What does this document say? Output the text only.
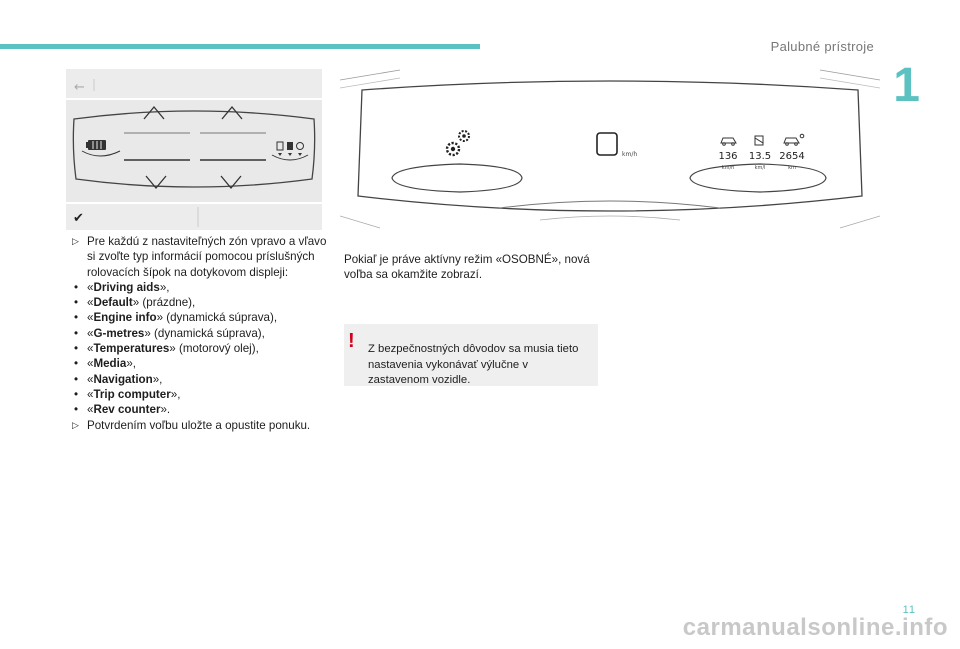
Palubné prístroje
1
←
✔
km/h	136 13.5 2654
km/h	km/l	km

▷ Pre každú z nastaviteľných zón vpravo a vľavo si zvoľte typ informácií pomocou príslušných rolovacích šípok na dotykovom displeji:

• «Driving aids»,
• «Default» (prázdne),
• «Engine info» (dynamická súprava),
• «G-metres» (dynamická súprava),
• «Temperatures» (motorový olej),
• «Media»,
• «Navigation»,
• «Trip computer»,
• «Rev counter».

▷ Potvrdením voľbu uložte a opustite ponuku.

Pokiaľ je práve aktívny režim «OSOBNÉ», nová voľba sa okamžite zobrazí.

! Z bezpečnostných dôvodov sa musia tieto nastavenia vykonávať výlučne v zastavenom vozidle.

11
carmanualsonline.info
